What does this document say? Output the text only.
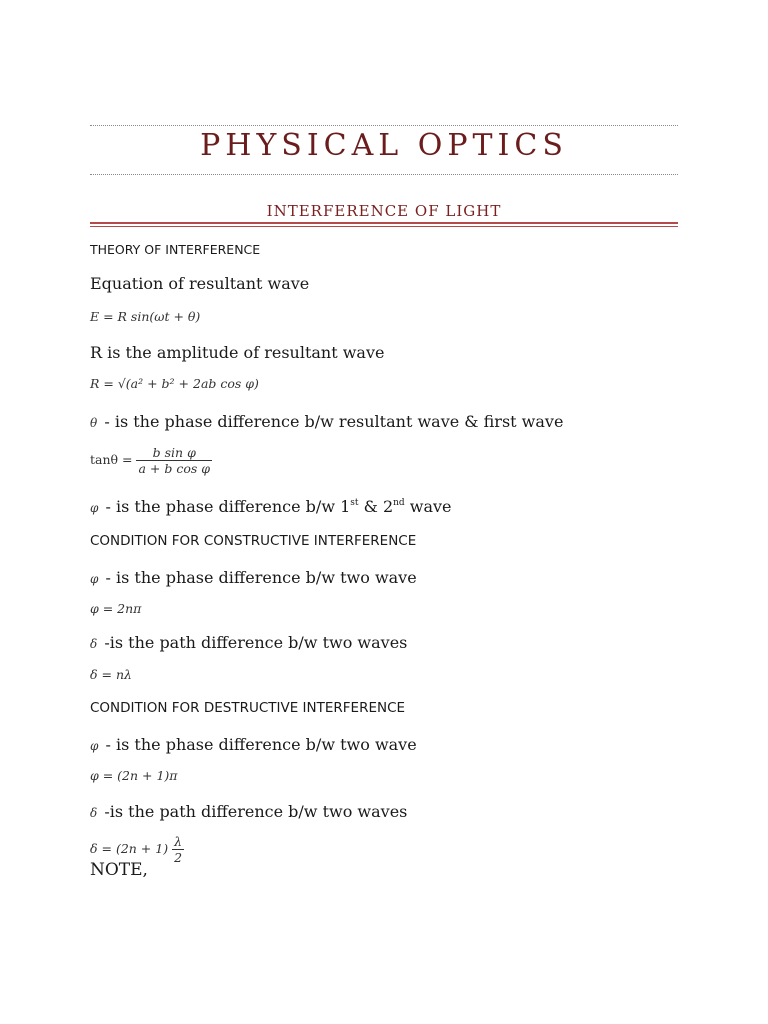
PHYSICAL OPTICS
INTERFERENCE OF LIGHT
THEORY OF INTERFERENCE
Equation of resultant wave
E = R sin(ωt + θ)
R is the amplitude of resultant wave
R = √(a² + b² + 2ab cos φ)
θ - is the phase difference b/w resultant wave & first wave
$\tan\theta = \frac{\text{b sin φ}}{\text{a + b cos φ}}$
φ - is the phase difference b/w 1st & 2nd wave
CONDITION FOR CONSTRUCTIVE INTERFERENCE
φ - is the phase difference b/w two wave
φ = 2nπ
δ -is the path difference b/w two waves
δ = nλ
CONDITION FOR DESTRUCTIVE INTERFERENCE
φ - is the phase difference b/w two wave
φ = (2n + 1)π
δ -is the path difference b/w two waves
$\delta = (2n + 1) \frac{\lambda}{2}$
NOTE,
